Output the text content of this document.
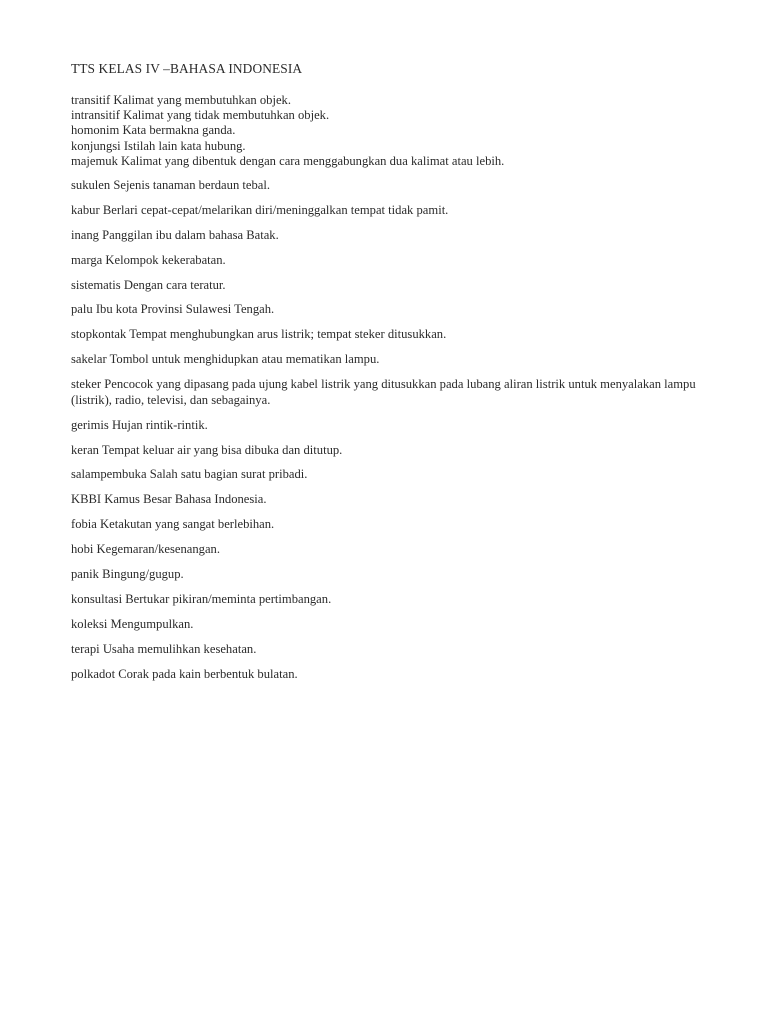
TTS KELAS IV –BAHASA INDONESIA
transitif Kalimat yang membutuhkan objek.
intransitif Kalimat yang tidak membutuhkan objek.
homonim Kata bermakna ganda.
konjungsi Istilah lain kata hubung.
majemuk Kalimat yang dibentuk dengan cara menggabungkan dua kalimat atau lebih.
sukulen Sejenis tanaman berdaun tebal.
kabur Berlari cepat-cepat/melarikan diri/meninggalkan tempat tidak pamit.
inang Panggilan ibu dalam bahasa Batak.
marga Kelompok kekerabatan.
sistematis Dengan cara teratur.
palu Ibu kota Provinsi Sulawesi Tengah.
stopkontak Tempat menghubungkan arus listrik; tempat steker ditusukkan.
sakelar Tombol untuk menghidupkan atau mematikan lampu.
steker Pencocok yang dipasang pada ujung kabel listrik yang ditusukkan pada lubang aliran listrik untuk menyalakan lampu (listrik), radio, televisi, dan sebagainya.
gerimis Hujan rintik-rintik.
keran Tempat keluar air yang bisa dibuka dan ditutup.
salampembuka Salah satu bagian surat pribadi.
KBBI Kamus Besar Bahasa Indonesia.
fobia Ketakutan yang sangat berlebihan.
hobi Kegemaran/kesenangan.
panik Bingung/gugup.
konsultasi Bertukar pikiran/meminta pertimbangan.
koleksi Mengumpulkan.
terapi Usaha memulihkan kesehatan.
polkadot Corak pada kain berbentuk bulatan.
